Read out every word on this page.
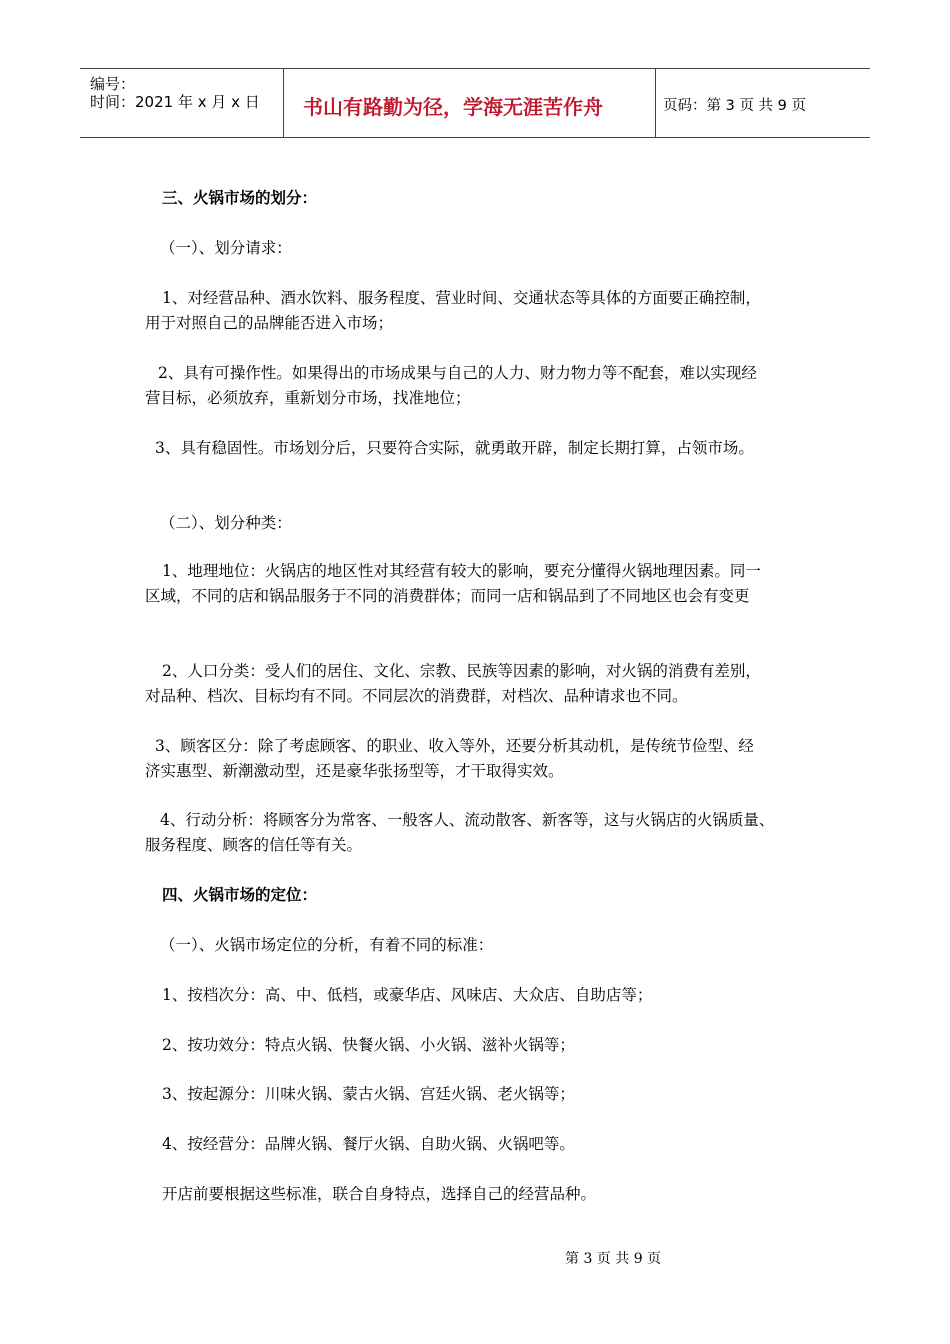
编号：
时间：2021 年 x 月 x 日 书山有路勤为径，学海无涯苦作舟	页码：第 3 页 共 9 页
三、火锅市场的划分：
（一）、划分请求：
1、对经营品种、酒水饮料、服务程度、营业时间、交通状态等具体的方面要正确控制，
用于对照自己的品牌能否进入市场；
2、具有可操作性。如果得出的市场成果与自己的人力、财力物力等不配套，难以实现经
营目标，必须放弃，重新划分市场，找准地位；
3、具有稳固性。市场划分后，只要符合实际，就勇敢开辟，制定长期打算，占领市场。
（二）、划分种类：
1、地理地位：火锅店的地区性对其经营有较大的影响，要充分懂得火锅地理因素。同一
区域，不同的店和锅品服务于不同的消费群体；而同一店和锅品到了不同地区也会有变更
2、人口分类：受人们的居住、文化、宗教、民族等因素的影响，对火锅的消费有差别，
对品种、档次、目标均有不同。不同层次的消费群，对档次、品种请求也不同。
3、顾客区分：除了考虑顾客、的职业、收入等外，还要分析其动机，是传统节俭型、经
济实惠型、新潮激动型，还是豪华张扬型等，才干取得实效。
4、行动分析：将顾客分为常客、一般客人、流动散客、新客等，这与火锅店的火锅质量、
服务程度、顾客的信任等有关。
四、火锅市场的定位：
（一）、火锅市场定位的分析，有着不同的标准：
1、按档次分：高、中、低档，或豪华店、风味店、大众店、自助店等；
2、按功效分：特点火锅、快餐火锅、小火锅、滋补火锅等；
3、按起源分：川味火锅、蒙古火锅、宫廷火锅、老火锅等；
4、按经营分：品牌火锅、餐厅火锅、自助火锅、火锅吧等。
开店前要根据这些标准，联合自身特点，选择自己的经营品种。
第 3 页 共 9 页
